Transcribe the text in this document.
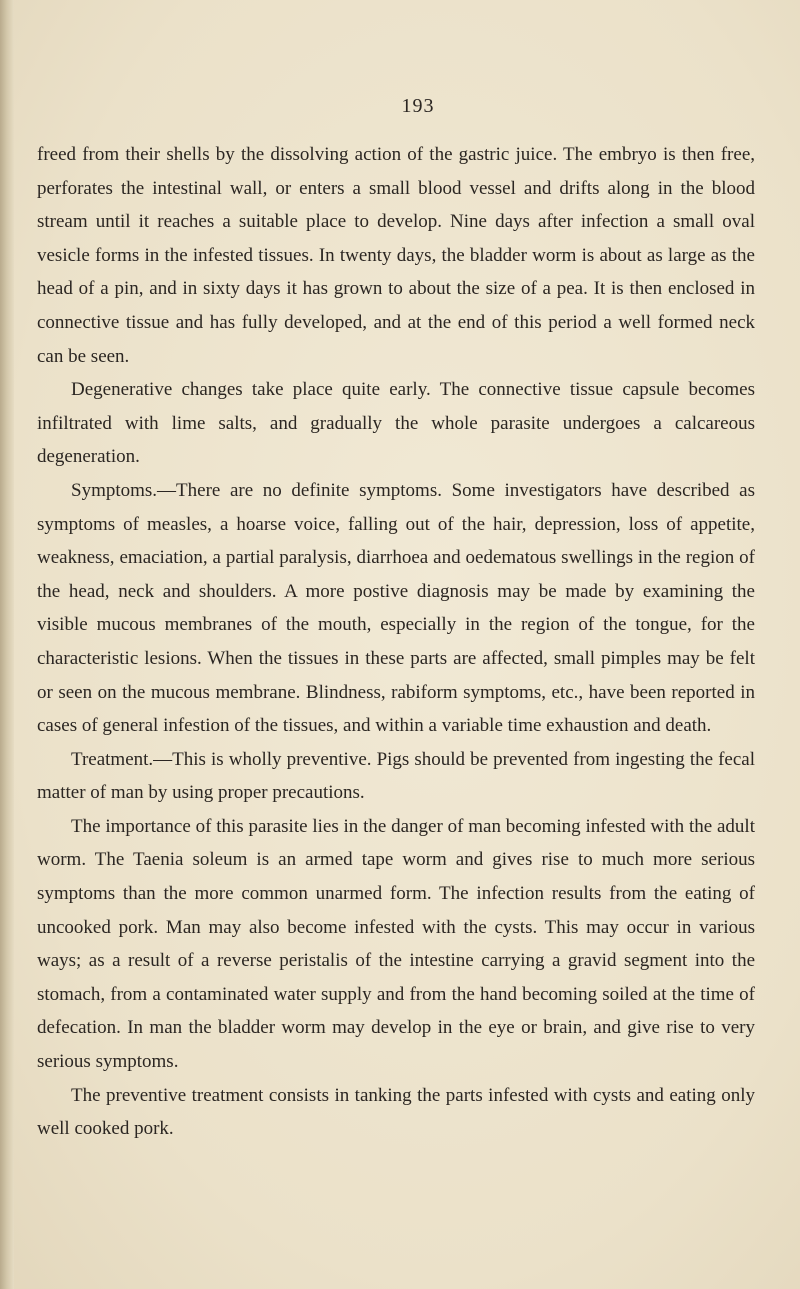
193

freed from their shells by the dissolving action of the gastric juice. The embryo is then free, perforates the intestinal wall, or enters a small blood vessel and drifts along in the blood stream until it reaches a suitable place to develop. Nine days after infection a small oval vesicle forms in the infested tissues. In twenty days, the bladder worm is about as large as the head of a pin, and in sixty days it has grown to about the size of a pea. It is then enclosed in connective tissue and has fully developed, and at the end of this period a well formed neck can be seen.

Degenerative changes take place quite early. The connective tissue capsule becomes infiltrated with lime salts, and gradually the whole parasite undergoes a calcareous degeneration.

Symptoms.—There are no definite symptoms. Some investigators have described as symptoms of measles, a hoarse voice, falling out of the hair, depression, loss of appetite, weakness, emaciation, a partial paralysis, diarrhoea and oedematous swellings in the region of the head, neck and shoulders. A more postive diagnosis may be made by examining the visible mucous membranes of the mouth, especially in the region of the tongue, for the characteristic lesions. When the tissues in these parts are affected, small pimples may be felt or seen on the mucous membrane. Blindness, rabiform symptoms, etc., have been reported in cases of general infestion of the tissues, and within a variable time exhaustion and death.

Treatment.—This is wholly preventive. Pigs should be prevented from ingesting the fecal matter of man by using proper precautions.

The importance of this parasite lies in the danger of man becoming infested with the adult worm. The Taenia soleum is an armed tape worm and gives rise to much more serious symptoms than the more common unarmed form. The infection results from the eating of uncooked pork. Man may also become infested with the cysts. This may occur in various ways; as a result of a reverse peristalis of the intestine carrying a gravid segment into the stomach, from a contaminated water supply and from the hand becoming soiled at the time of defecation. In man the bladder worm may develop in the eye or brain, and give rise to very serious symptoms.

The preventive treatment consists in tanking the parts infested with cysts and eating only well cooked pork.
